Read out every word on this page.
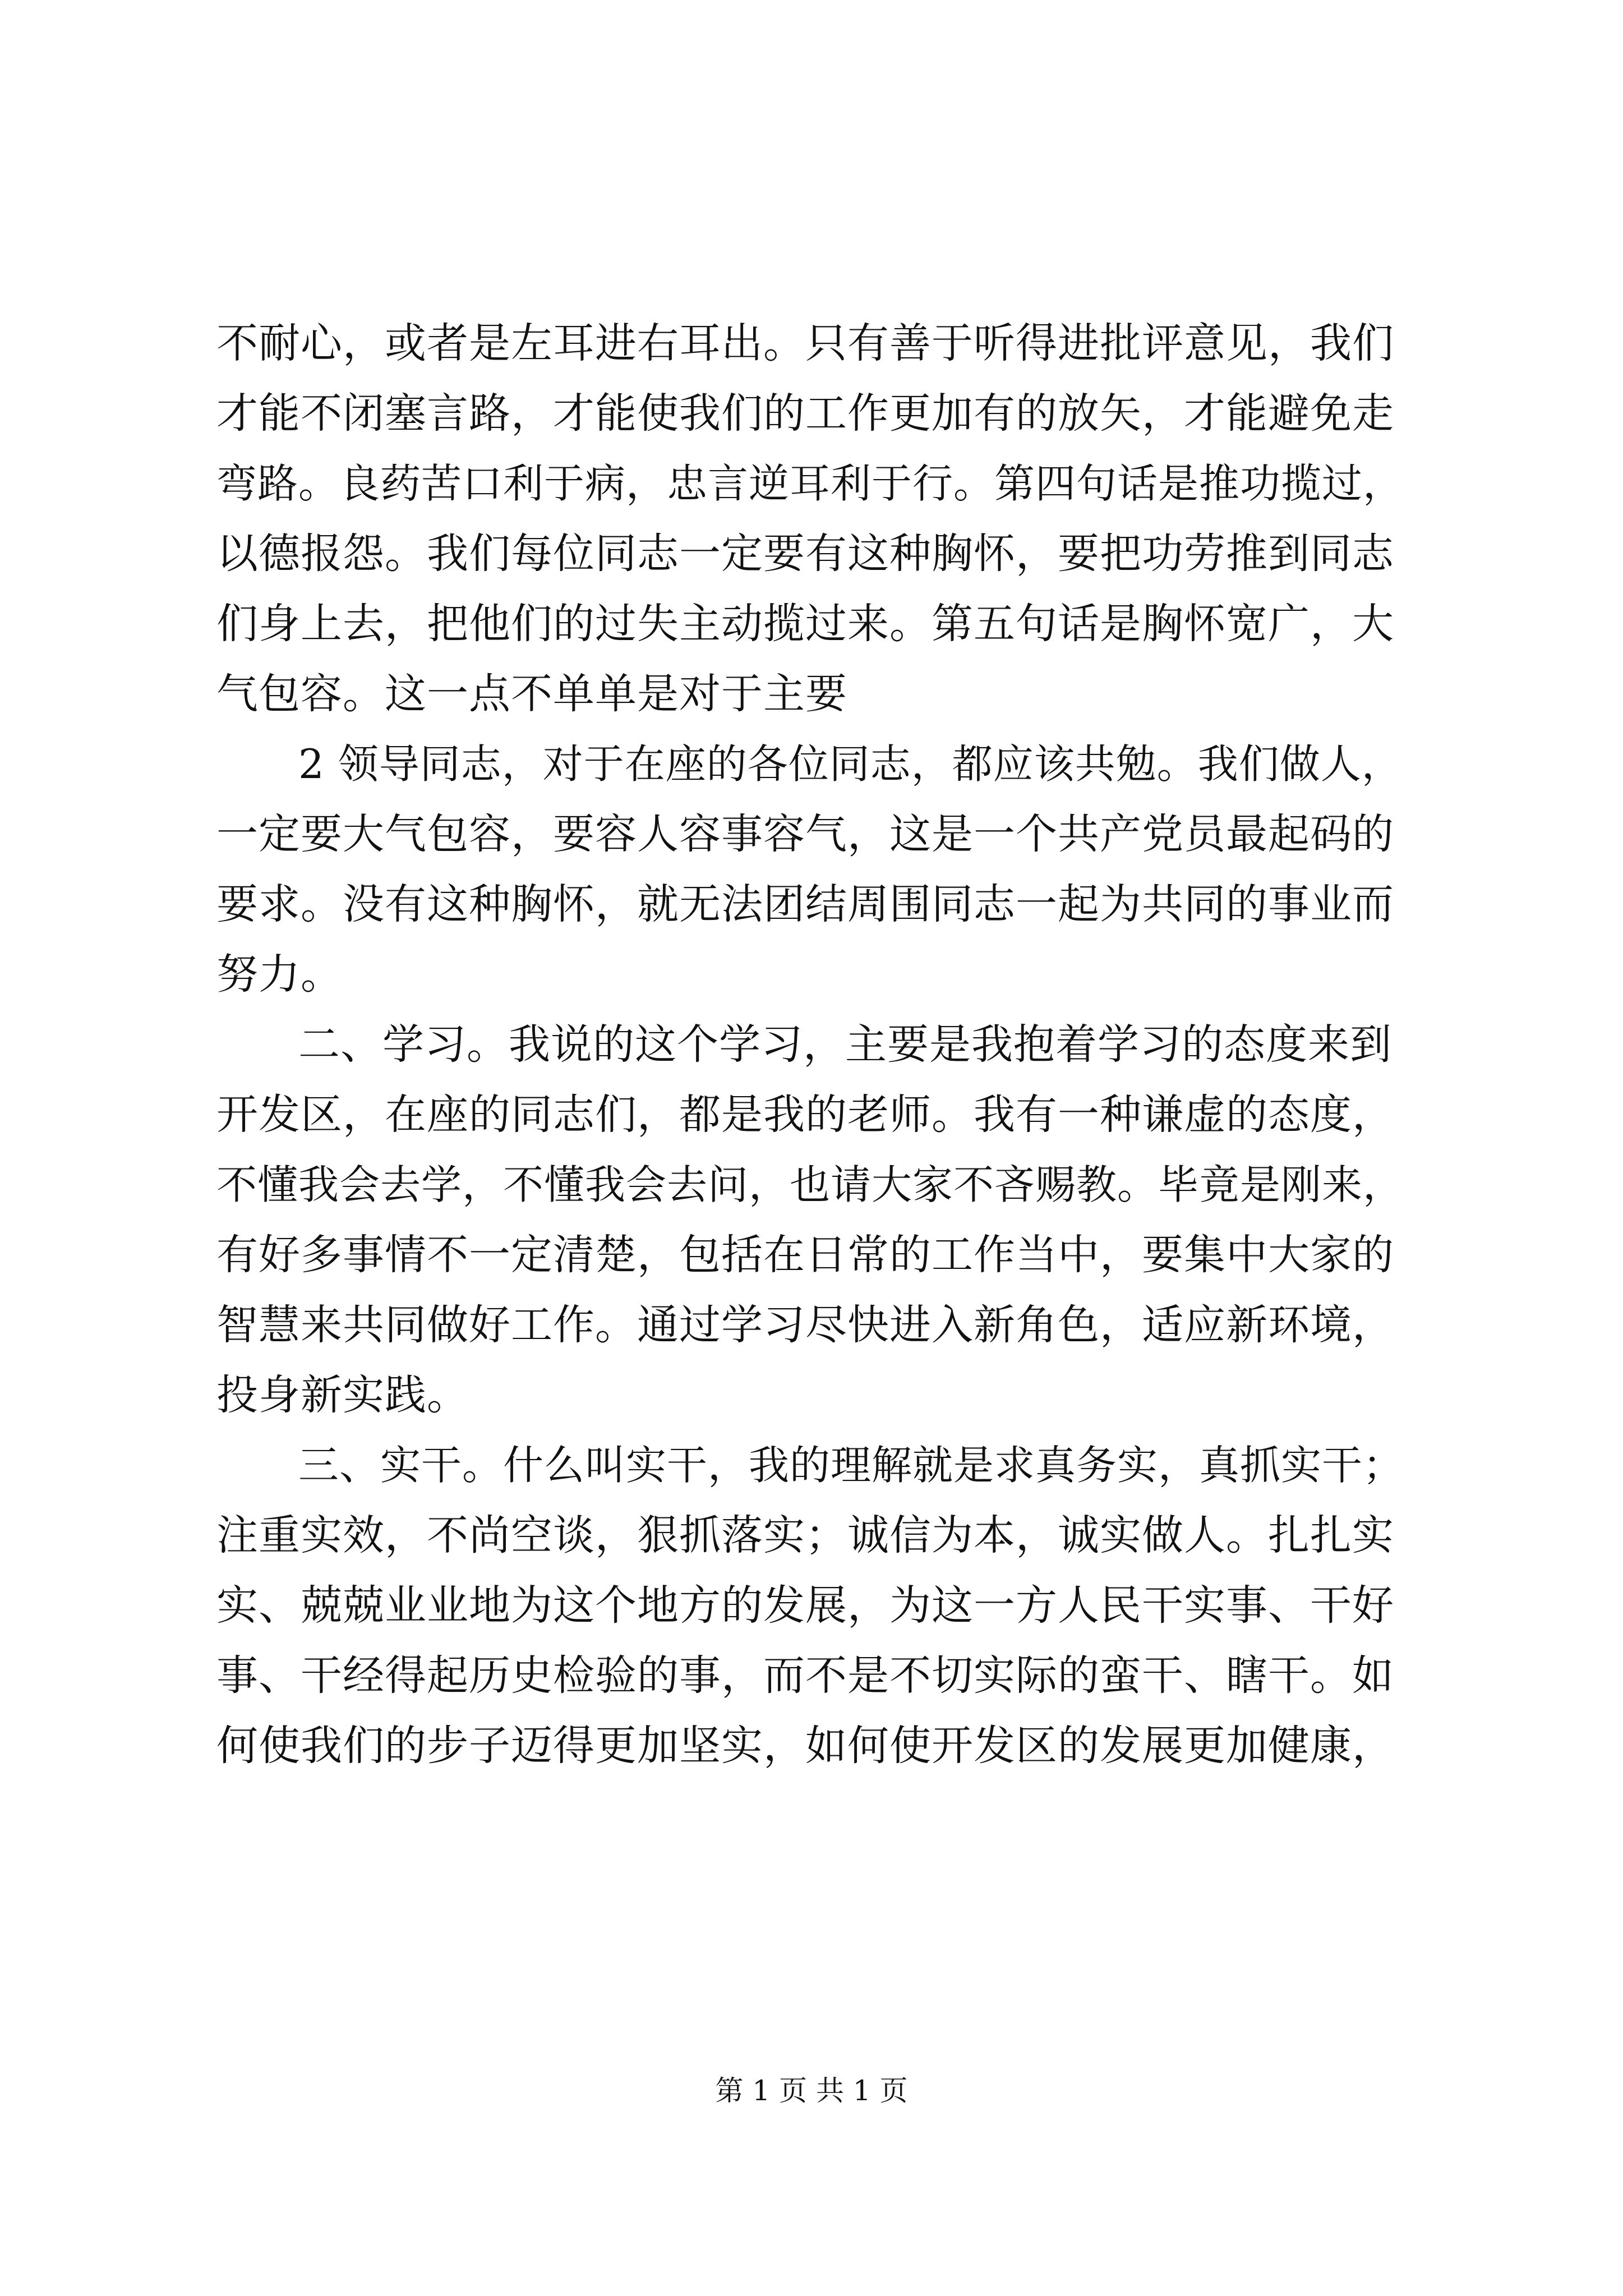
不耐心，或者是左耳进右耳出。只有善于听得进批评意见，我们
才能不闭塞言路，才能使我们的工作更加有的放矢，才能避免走
弯路。良药苦口利于病，忠言逆耳利于行。第四句话是推功揽过，
以德报怨。我们每位同志一定要有这种胸怀，要把功劳推到同志
们身上去，把他们的过失主动揽过来。第五句话是胸怀宽广，大
气包容。这一点不单单是对于主要
2 领导同志，对于在座的各位同志，都应该共勉。我们做人，
一定要大气包容，要容人容事容气，这是一个共产党员最起码的
要求。没有这种胸怀，就无法团结周围同志一起为共同的事业而
努力。
二、学习。我说的这个学习，主要是我抱着学习的态度来到
开发区，在座的同志们，都是我的老师。我有一种谦虚的态度，
不懂我会去学，不懂我会去问，也请大家不吝赐教。毕竟是刚来，
有好多事情不一定清楚，包括在日常的工作当中，要集中大家的
智慧来共同做好工作。通过学习尽快进入新角色，适应新环境，
投身新实践。
三、实干。什么叫实干，我的理解就是求真务实，真抓实干；
注重实效，不尚空谈，狠抓落实；诚信为本，诚实做人。扎扎实
实、兢兢业业地为这个地方的发展，为这一方人民干实事、干好
事、干经得起历史检验的事，而不是不切实际的蛮干、瞎干。如
何使我们的步子迈得更加坚实，如何使开发区的发展更加健康，
第 1 页 共 1 页
